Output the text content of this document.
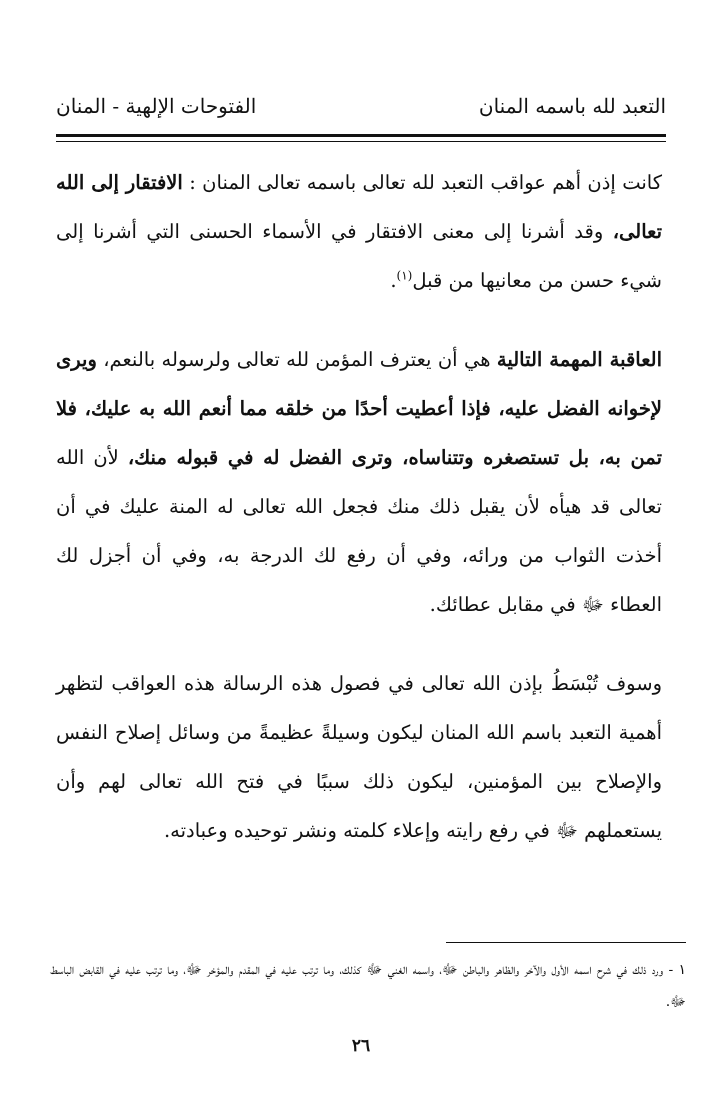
التعبد لله باسمه المنان
الفتوحات الإلهية - المنان

كانت إذن أهم عواقب التعبد لله تعالى باسمه تعالى المنان : الافتقار إلى الله تعالى، وقد أشرنا إلى معنى الافتقار في الأسماء الحسنى التي أشرنا إلى شيء حسن من معانيها من قبل$^{(١)}$.

العاقبة المهمة التالية هي أن يعترف المؤمن لله تعالى ولرسوله بالنعم، ويرى لإخوانه الفضل عليه، فإذا أعطيت أحدًا من خلقه مما أنعم الله به عليك، فلا تمن به، بل تستصغره وتتناساه، وترى الفضل له في قبوله منك، لأن الله تعالى قد هيأه لأن يقبل ذلك منك فجعل الله تعالى له المنة عليك في أن أخذت الثواب من ورائه، وفي أن رفع لك الدرجة به، وفي أن أجزل لك العطاء ﷻ في مقابل عطائك.

وسوف تُبْسَطُ بإذن الله تعالى في فصول هذه الرسالة هذه العواقب لتظهر أهمية التعبد باسم الله المنان ليكون وسيلةً عظيمةً من وسائل إصلاح النفس والإصلاح بين المؤمنين، ليكون ذلك سببًا في فتح الله تعالى لهم وأن يستعملهم ﷻ في رفع رايته وإعلاء كلمته ونشر توحيده وعبادته.

١ - ورد ذلك في شرح اسمه الأول والآخر والظاهر والباطن ﷻ، واسمه الغني ﷻ كذلك، وما ترتب عليه في المقدم والمؤخر ﷻ، وما ترتب عليه في القابض الباسط ﷻ.

٢٦
